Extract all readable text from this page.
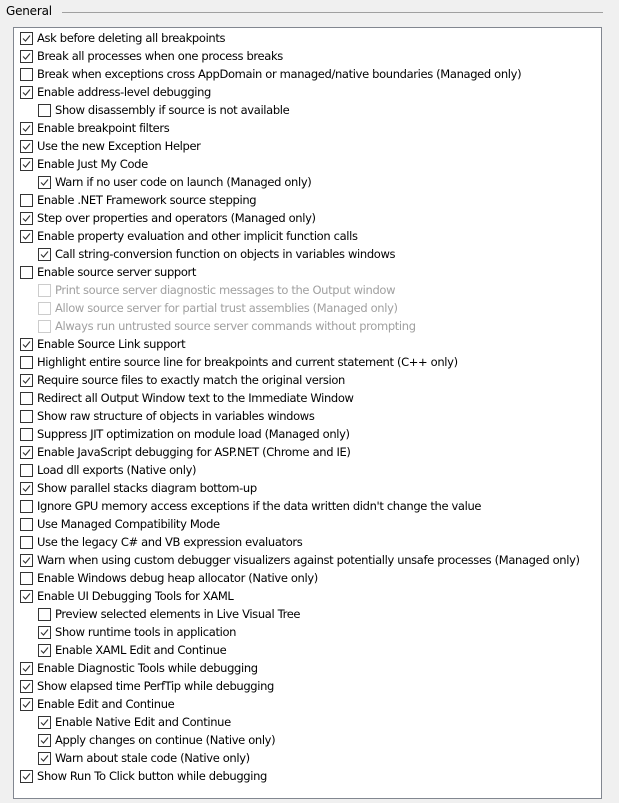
General
Ask before deleting all breakpoints
Break all processes when one process breaks
Break when exceptions cross AppDomain or managed/native boundaries (Managed only)
Enable address-level debugging
Show disassembly if source is not available
Enable breakpoint filters
Use the new Exception Helper
Enable Just My Code
Warn if no user code on launch (Managed only)
Enable .NET Framework source stepping
Step over properties and operators (Managed only)
Enable property evaluation and other implicit function calls
Call string-conversion function on objects in variables windows
Enable source server support
Print source server diagnostic messages to the Output window
Allow source server for partial trust assemblies (Managed only)
Always run untrusted source server commands without prompting
Enable Source Link support
Highlight entire source line for breakpoints and current statement (C++ only)
Require source files to exactly match the original version
Redirect all Output Window text to the Immediate Window
Show raw structure of objects in variables windows
Suppress JIT optimization on module load (Managed only)
Enable JavaScript debugging for ASP.NET (Chrome and IE)
Load dll exports (Native only)
Show parallel stacks diagram bottom-up
Ignore GPU memory access exceptions if the data written didn't change the value
Use Managed Compatibility Mode
Use the legacy C# and VB expression evaluators
Warn when using custom debugger visualizers against potentially unsafe processes (Managed only)
Enable Windows debug heap allocator (Native only)
Enable UI Debugging Tools for XAML
Preview selected elements in Live Visual Tree
Show runtime tools in application
Enable XAML Edit and Continue
Enable Diagnostic Tools while debugging
Show elapsed time PerfTip while debugging
Enable Edit and Continue
Enable Native Edit and Continue
Apply changes on continue (Native only)
Warn about stale code (Native only)
Show Run To Click button while debugging
